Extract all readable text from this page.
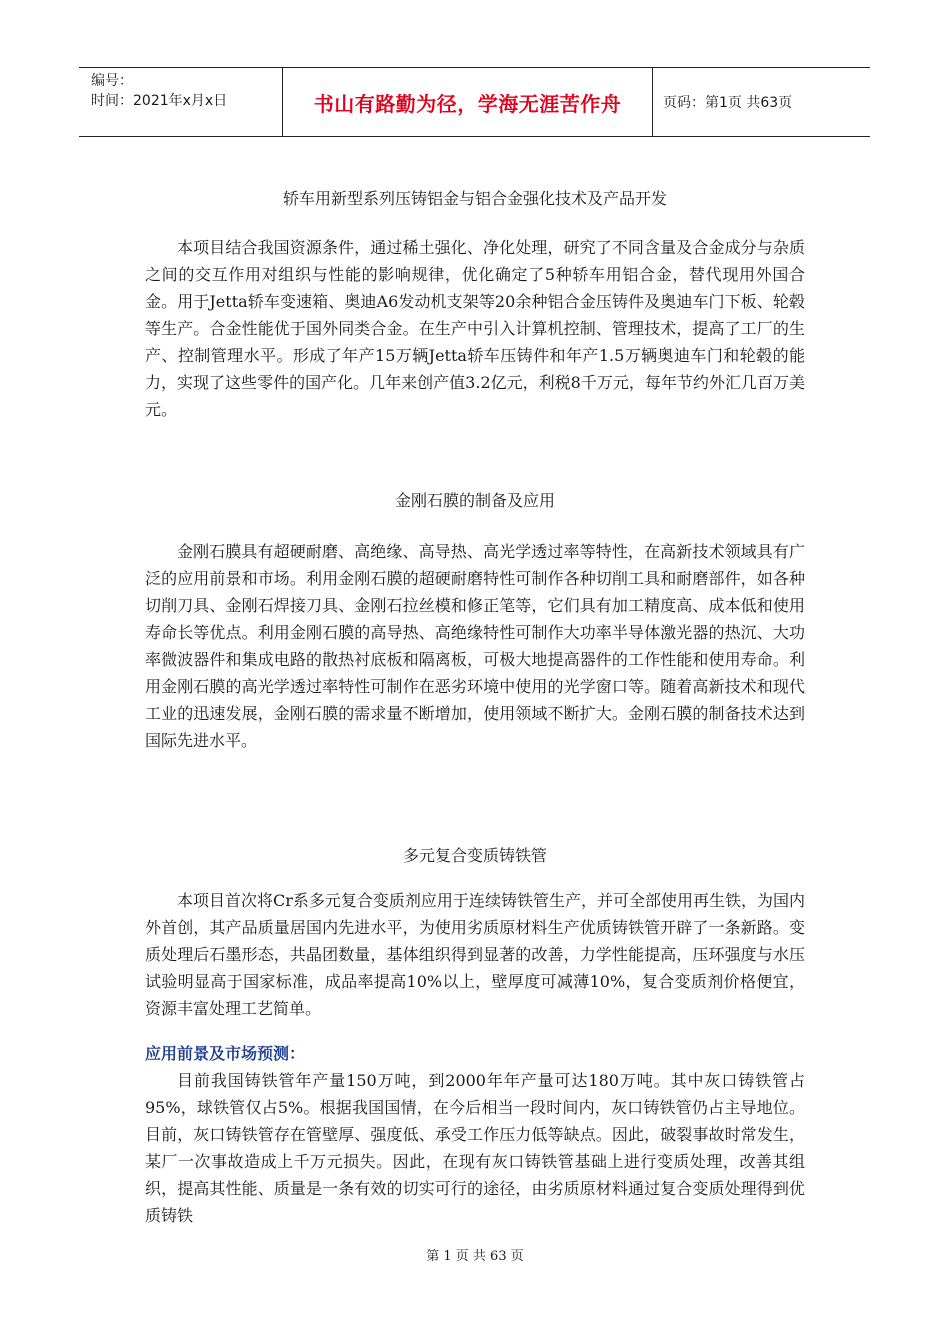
编号：
时间：2021年x月x日	书山有路勤为径，学海无涯苦作舟	页码：第1页 共63页
轿车用新型系列压铸铝金与铝合金强化技术及产品开发

本项目结合我国资源条件，通过稀土强化、净化处理，研究了不同含量及合金成分与杂质之间的交互作用对组织与性能的影响规律，优化确定了5种轿车用铝合金，替代现用外国合金。用于Jetta轿车变速箱、奥迪A6发动机支架等20余种铝合金压铸件及奥迪车门下板、轮毂等生产。合金性能优于国外同类合金。在生产中引入计算机控制、管理技术，提高了工厂的生产、控制管理水平。形成了年产15万辆Jetta轿车压铸件和年产1.5万辆奥迪车门和轮毂的能力，实现了这些零件的国产化。几年来创产值3.2亿元，利税8千万元，每年节约外汇几百万美元。

金刚石膜的制备及应用

金刚石膜具有超硬耐磨、高绝缘、高导热、高光学透过率等特性，在高新技术领域具有广泛的应用前景和市场。利用金刚石膜的超硬耐磨特性可制作各种切削工具和耐磨部件，如各种切削刀具、金刚石焊接刀具、金刚石拉丝模和修正笔等，它们具有加工精度高、成本低和使用寿命长等优点。利用金刚石膜的高导热、高绝缘特性可制作大功率半导体激光器的热沉、大功率微波器件和集成电路的散热衬底板和隔离板，可极大地提高器件的工作性能和使用寿命。利用金刚石膜的高光学透过率特性可制作在恶劣环境中使用的光学窗口等。随着高新技术和现代工业的迅速发展，金刚石膜的需求量不断增加，使用领域不断扩大。金刚石膜的制备技术达到国际先进水平。

多元复合变质铸铁管

本项目首次将Cr系多元复合变质剂应用于连续铸铁管生产，并可全部使用再生铁，为国内外首创，其产品质量居国内先进水平，为使用劣质原材料生产优质铸铁管开辟了一条新路。变质处理后石墨形态，共晶团数量，基体组织得到显著的改善，力学性能提高，压环强度与水压试验明显高于国家标准，成品率提高10%以上，壁厚度可减薄10%，复合变质剂价格便宜，资源丰富处理工艺简单。

应用前景及市场预测：

目前我国铸铁管年产量150万吨，到2000年年产量可达180万吨。其中灰口铸铁管占95%，球铁管仅占5%。根据我国国情，在今后相当一段时间内，灰口铸铁管仍占主导地位。目前，灰口铸铁管存在管壁厚、强度低、承受工作压力低等缺点。因此，破裂事故时常发生，某厂一次事故造成上千万元损失。因此，在现有灰口铸铁管基础上进行变质处理，改善其组织，提高其性能、质量是一条有效的切实可行的途径，由劣质原材料通过复合变质处理得到优质铸铁

第 1 页 共 63 页
